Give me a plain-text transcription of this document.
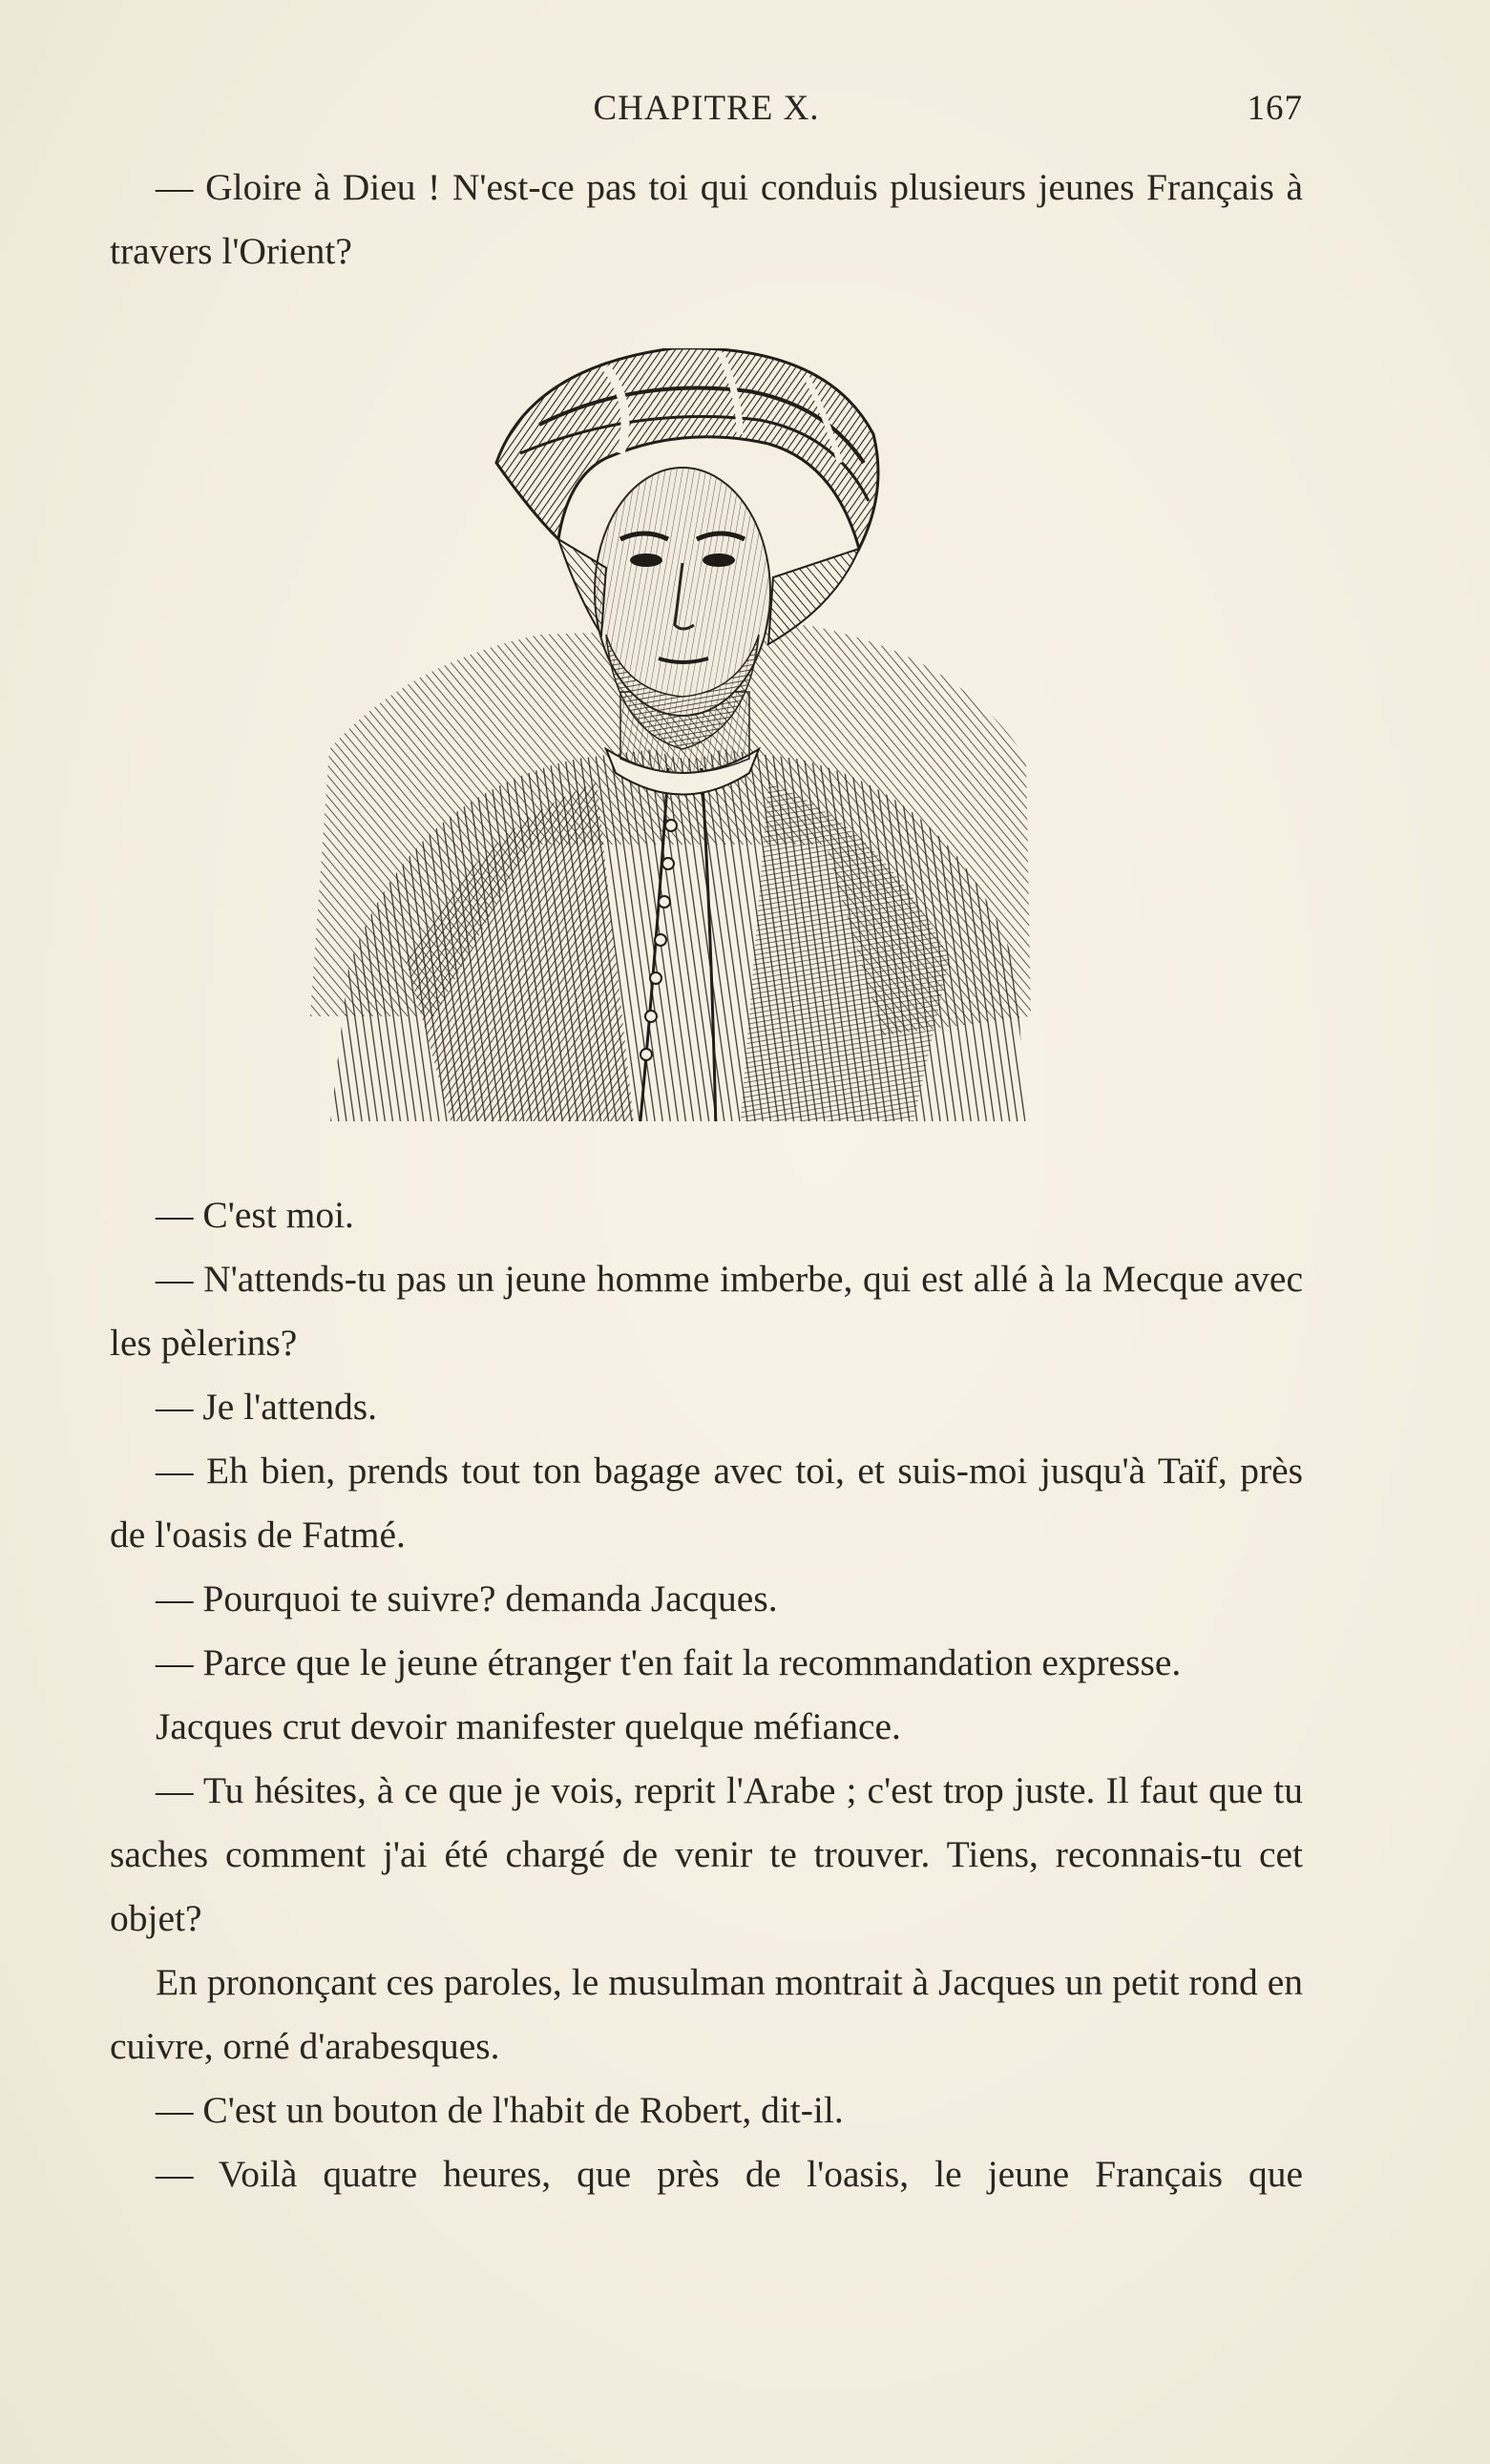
CHAPITRE X.	167

— Gloire à Dieu ! N'est-ce pas toi qui conduis plusieurs jeunes Français à travers l'Orient?

— C'est moi.

— N'attends-tu pas un jeune homme imberbe, qui est allé à la Mecque avec les pèlerins?

— Je l'attends.

— Eh bien, prends tout ton bagage avec toi, et suis-moi jusqu'à Taïf, près de l'oasis de Fatmé.

— Pourquoi te suivre? demanda Jacques.

— Parce que le jeune étranger t'en fait la recommandation expresse.

Jacques crut devoir manifester quelque méfiance.

— Tu hésites, à ce que je vois, reprit l'Arabe ; c'est trop juste. Il faut que tu saches comment j'ai été chargé de venir te trouver. Tiens, reconnais-tu cet objet?

En prononçant ces paroles, le musulman montrait à Jacques un petit rond en cuivre, orné d'arabesques.

— C'est un bouton de l'habit de Robert, dit-il.

— Voilà quatre heures, que près de l'oasis, le jeune Français que
